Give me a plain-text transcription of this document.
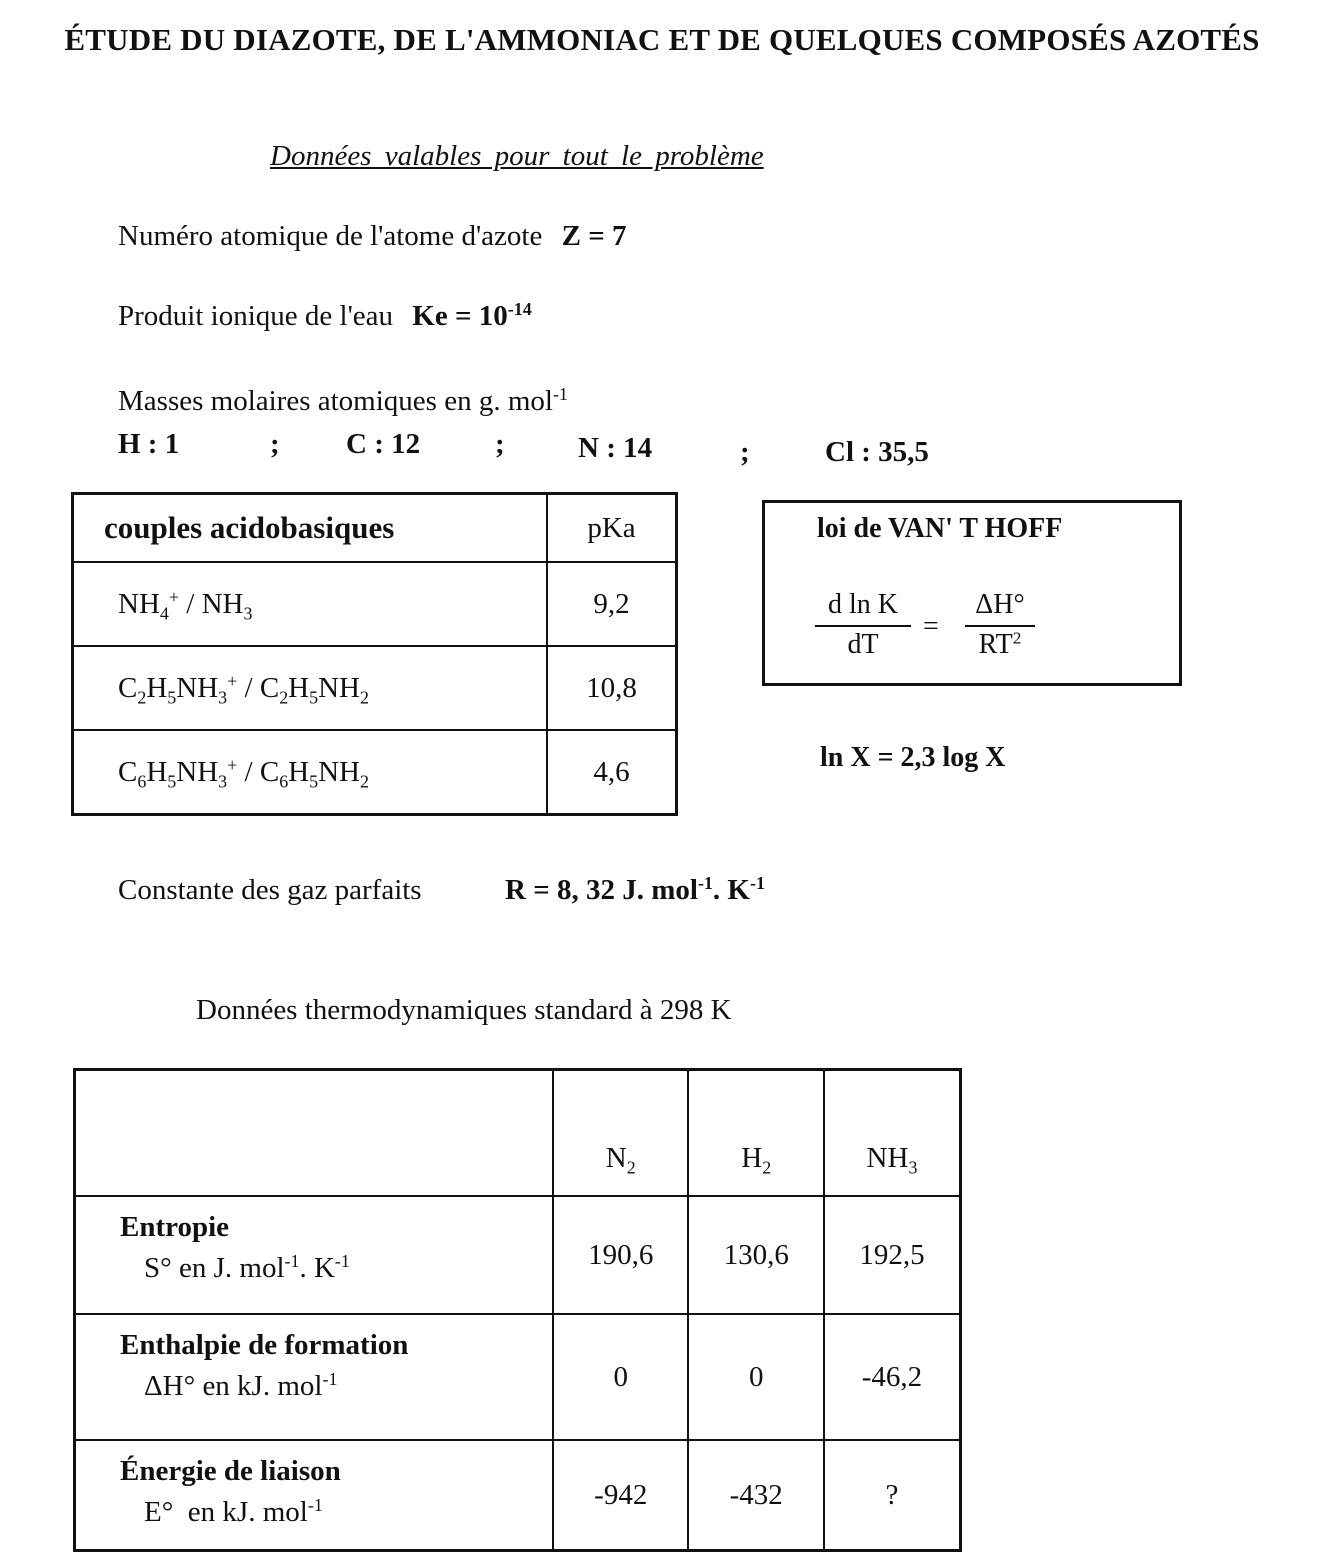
ÉTUDE DU DIAZOTE, DE L'AMMONIAC ET DE QUELQUES COMPOSÉS AZOTÉS
Données valables pour tout le problème
Numéro atomique de l'atome d'azote Z = 7
Produit ionique de l'eau $Ke = 10^{-14}$
Masses molaires atomiques en g. mol$^{-1}$
H : 1	; C : 12	;	N : 14	;	Cl : 35,5
couples acidobasiques	pKa
$NH_4^+ / NH_3$	9,2
$C_2H_5NH_3^+ / C_2H_5NH_2$	10,8
$C_6H_5NH_3^+ / C_6H_5NH_2$	4,6
loi de VAN' T HOFF
$\frac{\text{d ln K}}{dT} = \frac{\Delta H^\circ}{RT^2}$
ln X = 2,3 log X
Constante des gaz parfaits	R = 8, 32 J. mol$^{-1}$. $K^{-1}$
Données thermodynamiques standard à 298 K
	$N_2$	$H_2$	$NH_3$

Entropie
S° en J. mol$^{-1}$. $K^{-1}$	190,6	130,6	192,5

Enthalpie de formation
ΔH° en kJ. mol$^{-1}$	0	0	-46,2

Énergie de liaison
E°  en kJ. mol$^{-1}$	-942	-432	?
